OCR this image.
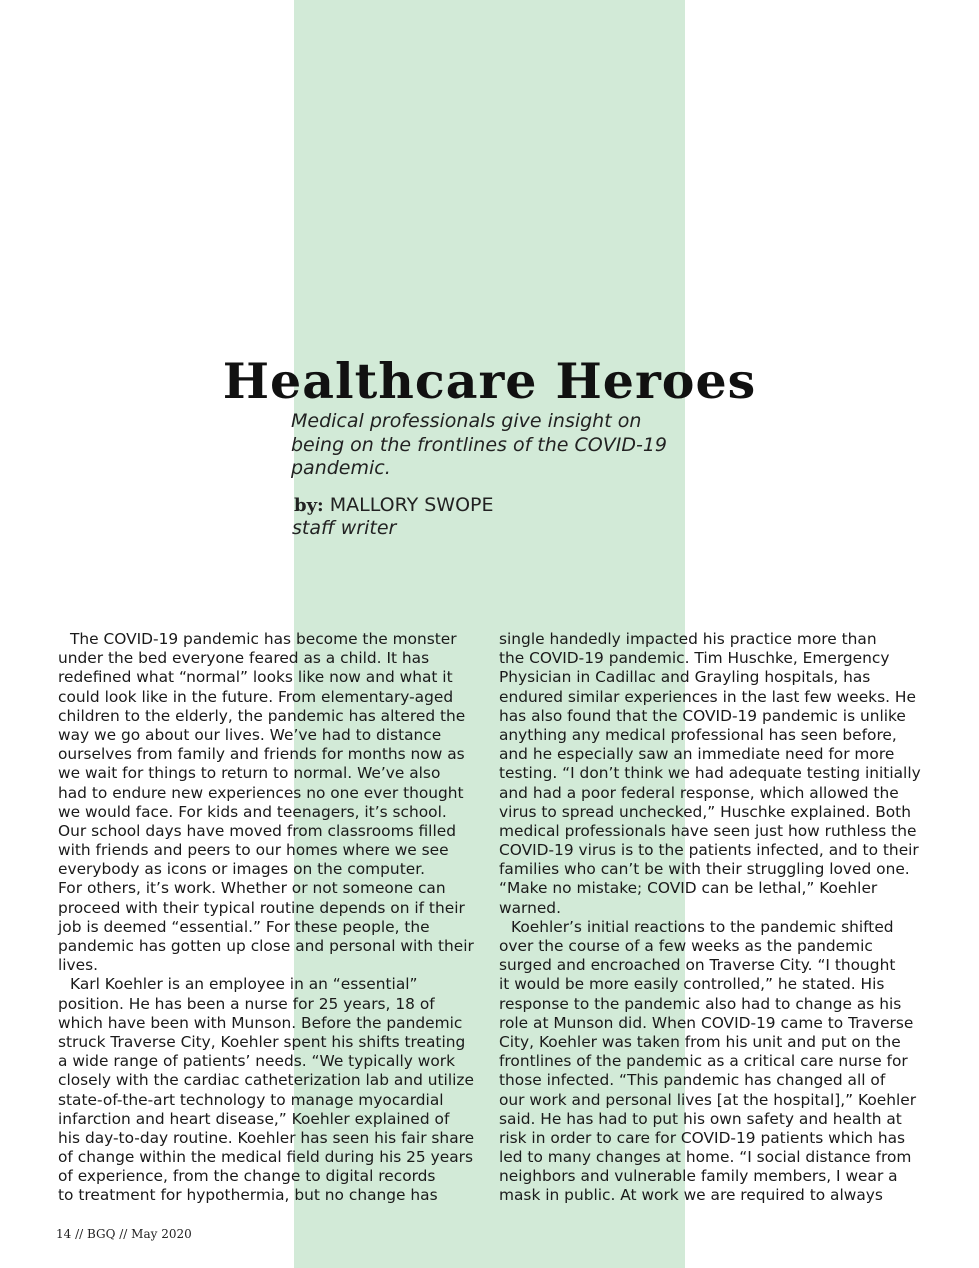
Healthcare Heroes
Medical professionals give insight on being on the frontlines of the COVID-19 pandemic.
by: MALLORY SWOPE
staff writer
The COVID-19 pandemic has become the monster
under the bed everyone feared as a child. It has
redefined what “normal” looks like now and what it
could look like in the future. From elementary-aged
children to the elderly, the pandemic has altered the
way we go about our lives. We’ve had to distance
ourselves from family and friends for months now as
we wait for things to return to normal. We’ve also
had to endure new experiences no one ever thought
we would face. For kids and teenagers, it’s school.
Our school days have moved from classrooms filled
with friends and peers to our homes where we see
everybody as icons or images on the computer.
For others, it’s work. Whether or not someone can
proceed with their typical routine depends on if their
job is deemed “essential.” For these people, the
pandemic has gotten up close and personal with their
lives.
Karl Koehler is an employee in an “essential”
position. He has been a nurse for 25 years, 18 of
which have been with Munson. Before the pandemic
struck Traverse City, Koehler spent his shifts treating
a wide range of patients’ needs. “We typically work
closely with the cardiac catheterization lab and utilize
state-of-the-art technology to manage myocardial
infarction and heart disease,” Koehler explained of
his day-to-day routine. Koehler has seen his fair share
of change within the medical field during his 25 years
of experience, from the change to digital records
to treatment for hypothermia, but no change has
single handedly impacted his practice more than
the COVID-19 pandemic. Tim Huschke, Emergency
Physician in Cadillac and Grayling hospitals, has
endured similar experiences in the last few weeks. He
has also found that the COVID-19 pandemic is unlike
anything any medical professional has seen before,
and he especially saw an immediate need for more
testing. “I don’t think we had adequate testing initially
and had a poor federal response, which allowed the
virus to spread unchecked,” Huschke explained. Both
medical professionals have seen just how ruthless the
COVID-19 virus is to the patients infected, and to their
families who can’t be with their struggling loved one.
“Make no mistake; COVID can be lethal,” Koehler
warned.
Koehler’s initial reactions to the pandemic shifted
over the course of a few weeks as the pandemic
surged and encroached on Traverse City. “I thought
it would be more easily controlled,” he stated. His
response to the pandemic also had to change as his
role at Munson did. When COVID-19 came to Traverse
City, Koehler was taken from his unit and put on the
frontlines of the pandemic as a critical care nurse for
those infected. “This pandemic has changed all of
our work and personal lives [at the hospital],” Koehler
said. He has had to put his own safety and health at
risk in order to care for COVID-19 patients which has
led to many changes at home. “I social distance from
neighbors and vulnerable family members, I wear a
mask in public. At work we are required to always
14 // BGQ // May 2020
